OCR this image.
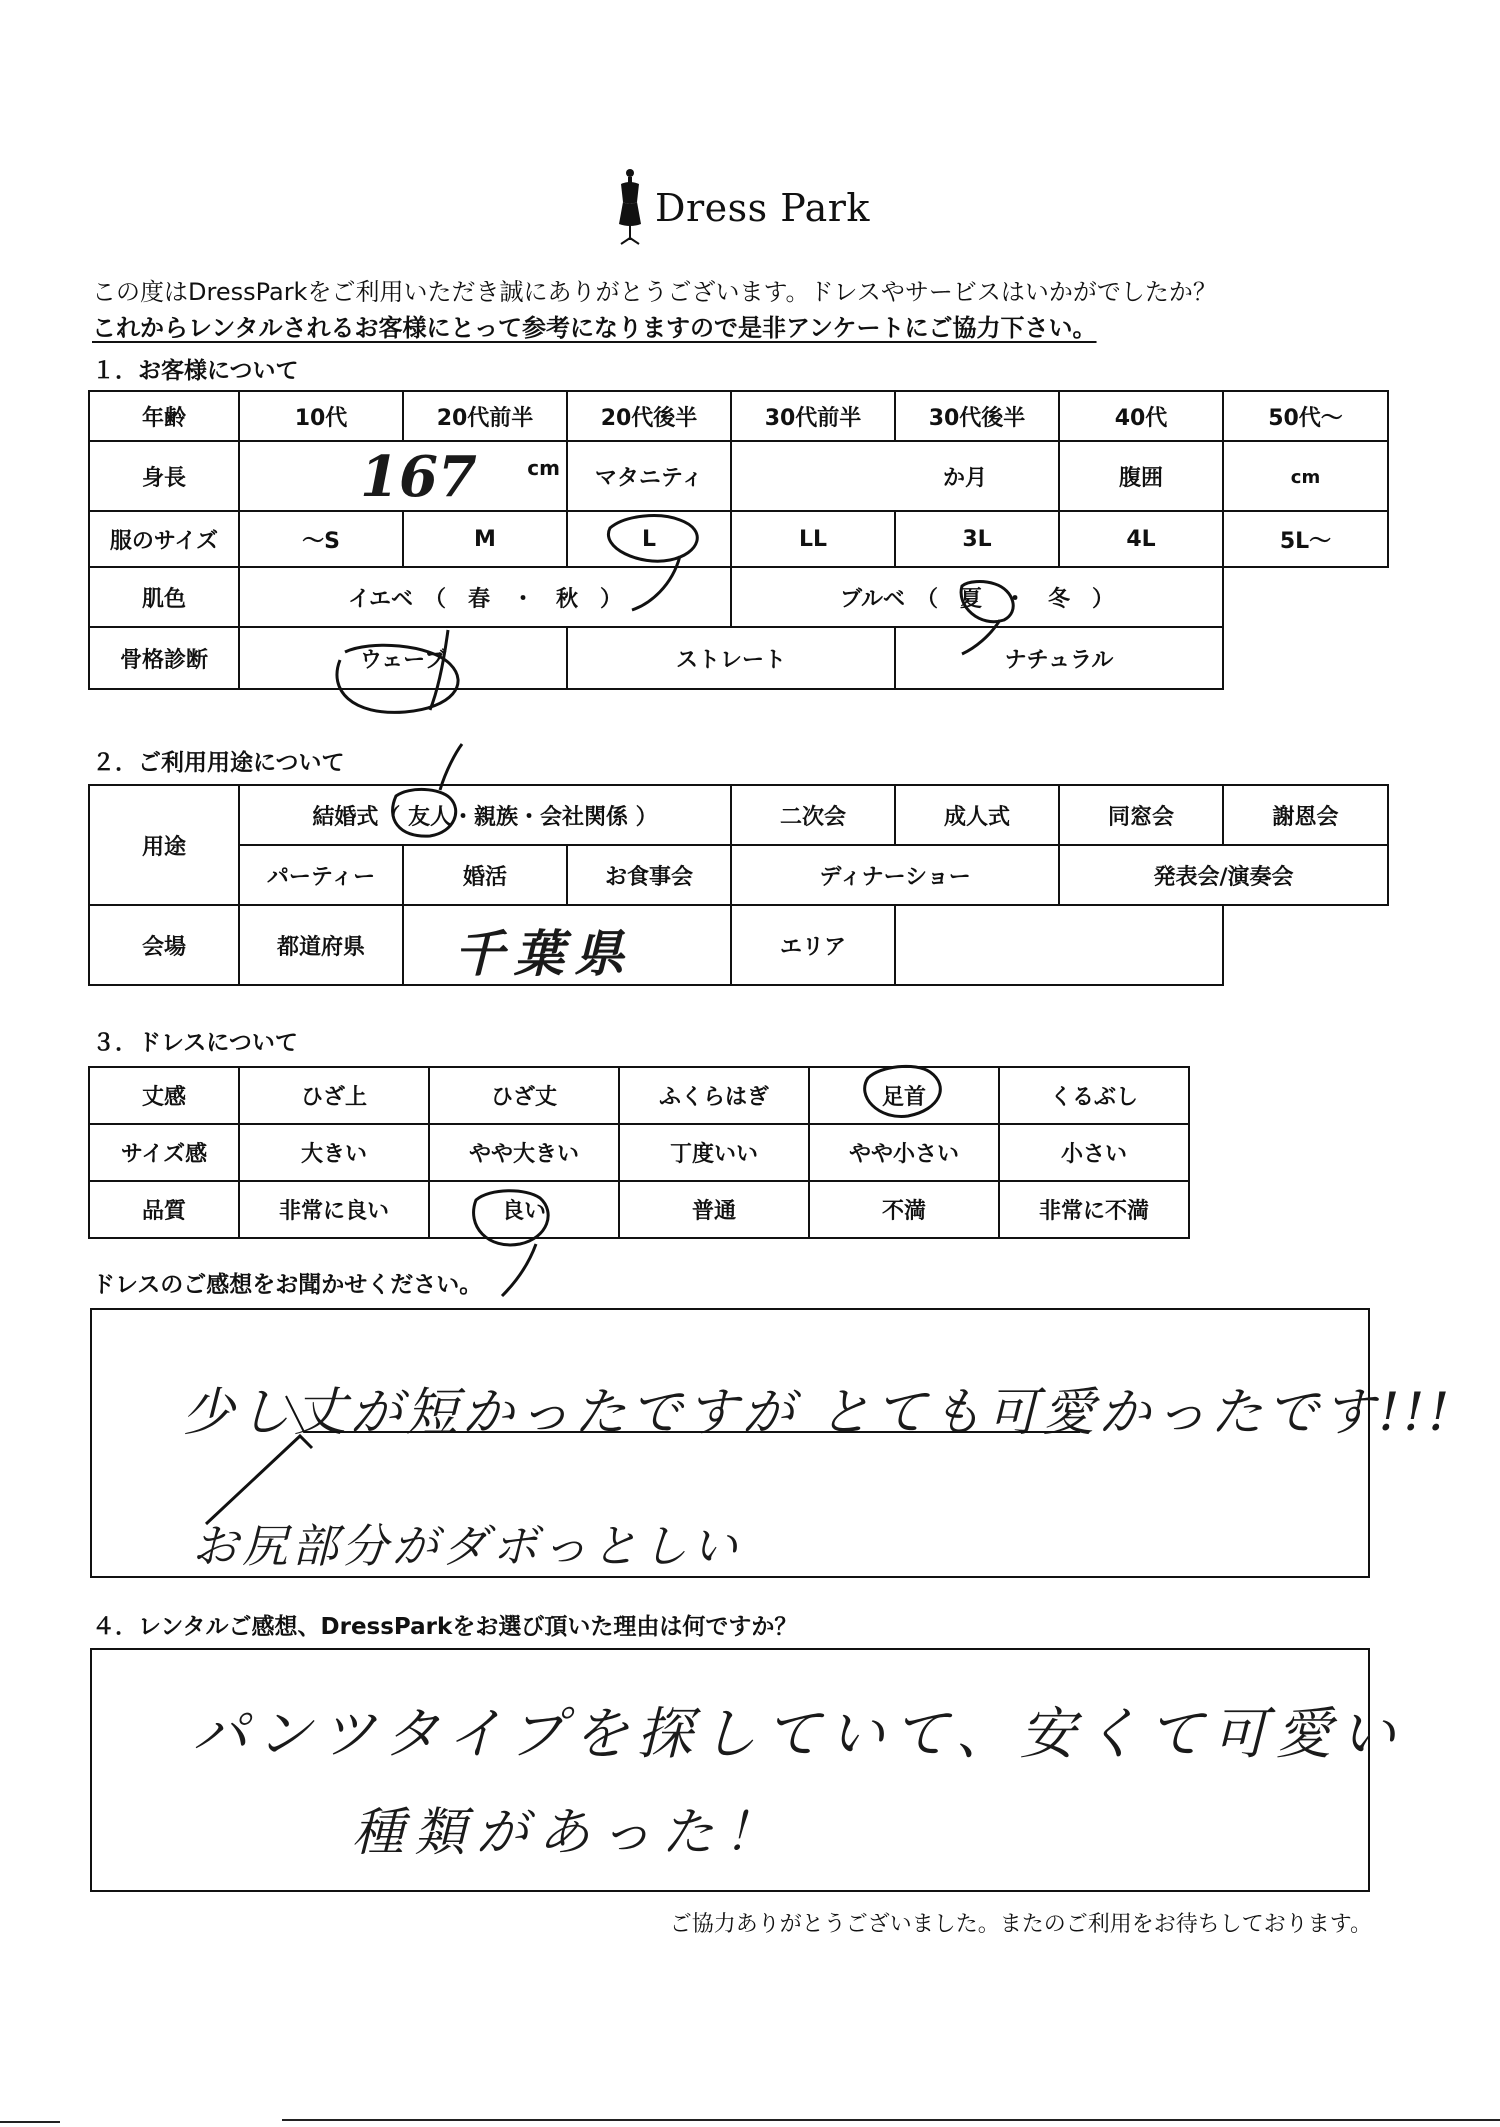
Dress Park
この度はDressParkをご利用いただき誠にありがとうございます。ドレスやサービスはいかがでしたか？
これからレンタルされるお客様にとって参考になりますので是非アンケートにご協力下さい。
１．お客様について
年齢	10代	20代前半	20代後半	30代前半	30代後半	40代	50代～
身長	167 cm		マタニティ	か月		腹囲	cm
服のサイズ	～S	M	L	LL	3L	4L	5L～
肌色	イエベ　（　春　・　秋　）			ブルベ　（　夏　・　冬　）			
骨格診断	ウェーブ		ストレート		ナチュラル		
２．ご利用用途について
用途	結婚式（ 友人・親族・会社関係 ）			二次会	成人式	同窓会	謝恩会
	パーティー	婚活	お食事会	ディナーショー		発表会/演奏会	
会場	都道府県	千葉県		エリア			
３．ドレスについて
丈感	ひざ上	ひざ丈	ふくらはぎ	足首	くるぶし
サイズ感	大きい	やや大きい	丁度いい	やや小さい	小さい
品質	非常に良い	良い	普通	不満	非常に不満
ドレスのご感想をお聞かせください。
少し丈が短かったですが とても可愛かったです!!!
お尻部分がダボっとしい
４．レンタルご感想、DressParkをお選び頂いた理由は何ですか？
パンツタイプを探していて、安くて可愛い
種類があった！
ご協力ありがとうございました。またのご利用をお待ちしております。
